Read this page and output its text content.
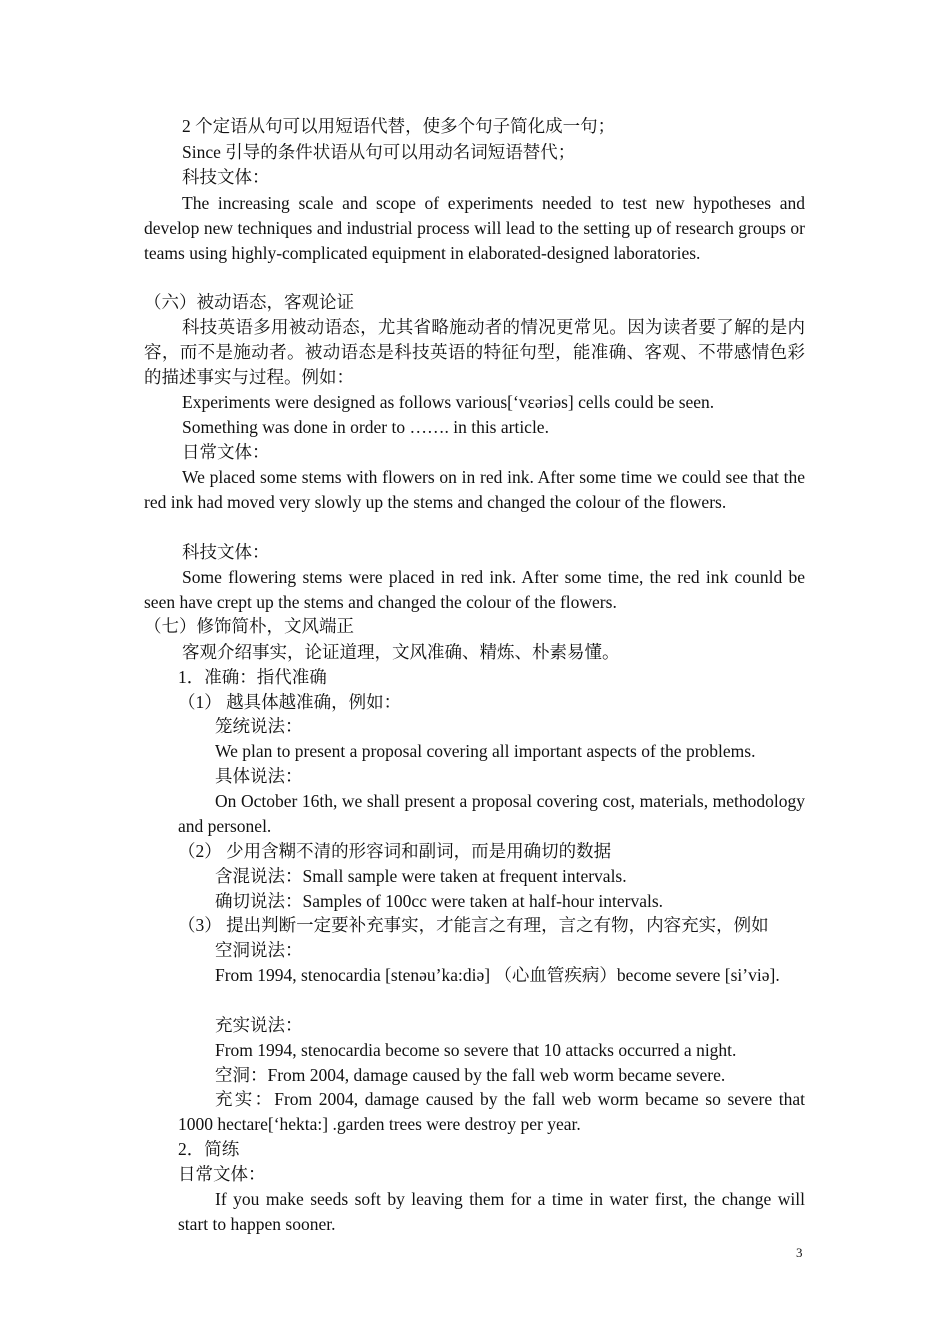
2 个定语从句可以用短语代替，使多个句子简化成一句；
Since 引导的条件状语从句可以用动名词短语替代；
科技文体：
The increasing scale and scope of experiments needed to test new hypotheses and develop new techniques and industrial process will lead to the setting up of research groups or teams using highly-complicated equipment in elaborated-designed laboratories.
（六）被动语态，客观论证
科技英语多用被动语态，尤其省略施动者的情况更常见。因为读者要了解的是内容，而不是施动者。被动语态是科技英语的特征句型，能准确、客观、不带感情色彩的描述事实与过程。例如：
Experiments were designed as follows various[‘vɛəriəs] cells could be seen.
Something was done in order to ……. in this article.
日常文体：
We placed some stems with flowers on in red ink. After some time we could see that the red ink had moved very slowly up the stems and changed the colour of the flowers.
科技文体：
Some flowering stems were placed in red ink. After some time, the red ink counld be seen have crept up the stems and changed the colour of the flowers.
（七）修饰简朴，文风端正
客观介绍事实，论证道理，文风准确、精炼、朴素易懂。
1．准确：指代准确
（1） 越具体越准确，例如：
笼统说法：
We plan to present a proposal covering all important aspects of the problems.
具体说法：
On October 16th, we shall present a proposal covering cost, materials, methodology and personel.
（2） 少用含糊不清的形容词和副词，而是用确切的数据
含混说法：Small sample were taken at frequent intervals.
确切说法：Samples of 100cc were taken at half-hour intervals.
（3） 提出判断一定要补充事实，才能言之有理，言之有物，内容充实，例如
空洞说法：
From 1994, stenocardia [stenəu’ka:diə] （心血管疾病）become severe [si’viə].
充实说法：
From 1994, stenocardia become so severe that 10 attacks occurred a night.
空洞：From 2004, damage caused by the fall web worm became severe.
充实：From 2004, damage caused by the fall web worm became so severe that 1000 hectare[‘hekta:] .garden trees were destroy per year.
2．简练
日常文体：
If you make seeds soft by leaving them for a time in water first, the change will start to happen sooner.
3
